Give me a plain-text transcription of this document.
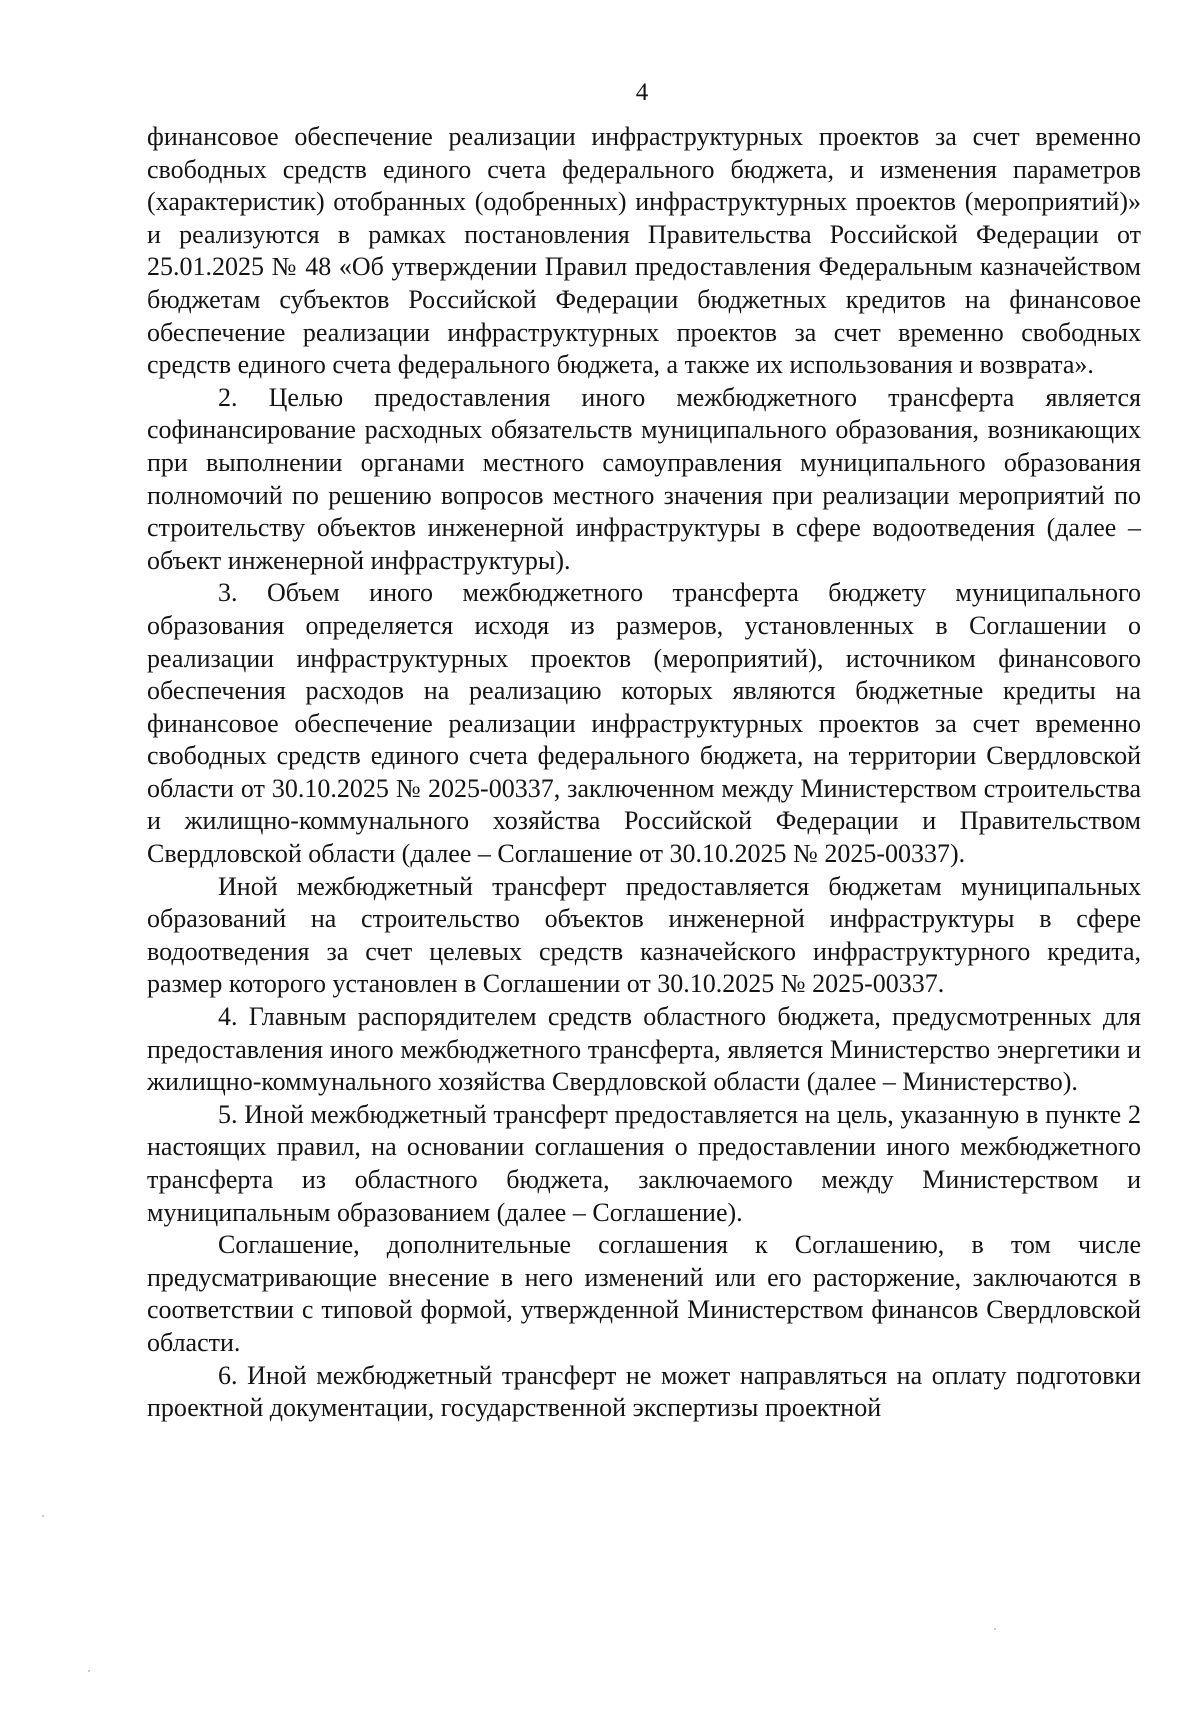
4

финансовое обеспечение реализации инфраструктурных проектов за счет временно свободных средств единого счета федерального бюджета, и изменения параметров (характеристик) отобранных (одобренных) инфраструктурных проектов (мероприятий)» и реализуются в рамках постановления Правительства Российской Федерации от 25.01.2025 № 48 «Об утверждении Правил предоставления Федеральным казначейством бюджетам субъектов Российской Федерации бюджетных кредитов на финансовое обеспечение реализации инфраструктурных проектов за счет временно свободных средств единого счета федерального бюджета, а также их использования и возврата».

2. Целью предоставления иного межбюджетного трансферта является софинансирование расходных обязательств муниципального образования, возникающих при выполнении органами местного самоуправления муниципального образования полномочий по решению вопросов местного значения при реализации мероприятий по строительству объектов инженерной инфраструктуры в сфере водоотведения (далее – объект инженерной инфраструктуры).

3. Объем иного межбюджетного трансферта бюджету муниципального образования определяется исходя из размеров, установленных в Соглашении о реализации инфраструктурных проектов (мероприятий), источником финансового обеспечения расходов на реализацию которых являются бюджетные кредиты на финансовое обеспечение реализации инфраструктурных проектов за счет временно свободных средств единого счета федерального бюджета, на территории Свердловской области от 30.10.2025 № 2025-00337, заключенном между Министерством строительства и жилищно-коммунального хозяйства Российской Федерации и Правительством Свердловской области (далее – Соглашение от 30.10.2025 № 2025-00337).

Иной межбюджетный трансферт предоставляется бюджетам муниципальных образований на строительство объектов инженерной инфраструктуры в сфере водоотведения за счет целевых средств казначейского инфраструктурного кредита, размер которого установлен в Соглашении от 30.10.2025 № 2025-00337.

4. Главным распорядителем средств областного бюджета, предусмотренных для предоставления иного межбюджетного трансферта, является Министерство энергетики и жилищно-коммунального хозяйства Свердловской области (далее – Министерство).

5. Иной межбюджетный трансферт предоставляется на цель, указанную в пункте 2 настоящих правил, на основании соглашения о предоставлении иного межбюджетного трансферта из областного бюджета, заключаемого между Министерством и муниципальным образованием (далее – Соглашение).

Соглашение, дополнительные соглашения к Соглашению, в том числе предусматривающие внесение в него изменений или его расторжение, заключаются в соответствии с типовой формой, утвержденной Министерством финансов Свердловской области.

6. Иной межбюджетный трансферт не может направляться на оплату подготовки проектной документации, государственной экспертизы проектной
